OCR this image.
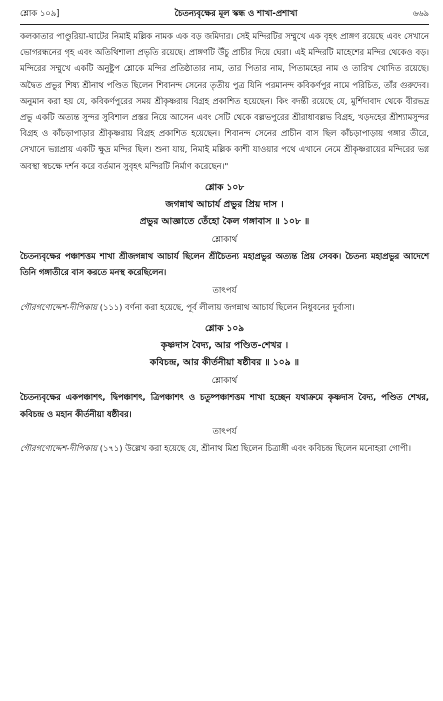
শ্লোক ১০৯]	চৈতন্যবৃক্ষের মূল স্কন্ধ ও শাখা-প্রশাখা	৬৬৯

কলকাতার পাণ্ডুরিয়া-ঘাটের নিমাই মল্লিক নামক এক বড় জমিদার। সেই মন্দিরটির সম্মুখে এক বৃহৎ প্রাঙ্গণ রয়েছে এবং সেখানে ভোগরন্ধনের গৃহ এবং অতিথিশালা প্রভৃতি রয়েছে। প্রাঙ্গণটি উঁচু প্রাচীর দিয়ে ঘেরা। এই মন্দিরটি মাহেশের মন্দির থেকেও বড়। মন্দিরের সম্মুখে একটি অনুষ্টুপ শ্লোকে মন্দির প্রতিষ্ঠাতার নাম, তার পিতার নাম, পিতামহের নাম ও তারিখ খোদিত রয়েছে। অদ্বৈত প্রভুর শিষ্য শ্রীনাথ পণ্ডিত ছিলেন শিবানন্দ সেনের তৃতীয় পুত্র যিনি পরমানন্দ কবিকর্ণপুর নামে পরিচিত, তাঁর গুরুদেব। অনুমান করা হয় যে, কবিকর্ণপুরের সময় শ্রীকৃষ্ণরায় বিগ্রহ প্রকাশিত হয়েছেন। কিং বদন্তী রয়েছে যে, মুর্শিদাবাদ থেকে বীরভদ্র প্রভু একটি অত্যন্ত সুন্দর সুবিশাল প্রস্তর নিয়ে আসেন এবং সেটি থেকে বল্লভপুরের শ্রীরাধাবল্লভ বিগ্রহ, খড়দহের শ্রীশ্যামসুন্দর বিগ্রহ ও কাঁচড়াপাড়ার শ্রীকৃষ্ণরায় বিগ্রহ প্রকাশিত হয়েছেন। শিবানন্দ সেনের প্রাচীন বাস ছিল কাঁচড়াপাড়ায় গঙ্গার তীরে, সেখানে ভগ্নপ্রায় একটি ক্ষুদ্র মন্দির ছিল। শুনা যায়, নিমাই মল্লিক কাশী যাওয়ার পথে এখানে নেমে শ্রীকৃষ্ণরায়ের মন্দিরের ভগ্ন অবস্থা স্বচক্ষে দর্শন করে বর্তমান সুবৃহৎ মন্দিরটি নির্মাণ করেছেন।"

শ্লোক ১০৮
জগন্নাথ আচার্য প্রভুর প্রিয় দাস ।
প্রভুর আজ্ঞাতে তেঁহো কৈল গঙ্গাবাস ॥ ১০৮ ॥
শ্লোকার্থ

চৈতন্যবৃক্ষের পঞ্চাশত্তম শাখা শ্রীজগন্নাথ আচার্য ছিলেন শ্রীচৈতন্য মহাপ্রভুর অত্যন্ত প্রিয় সেবক। চৈতন্য মহাপ্রভুর আদেশে তিনি গঙ্গাতীরে বাস করতে মনস্থ করেছিলেন।

তাৎপর্য

গৌরগণোদ্দেশ-দীপিকায় (১১১) বর্ণনা করা হয়েছে, পূর্ব লীলায় জগন্নাথ আচার্য ছিলেন নিধুবনের দুর্বাসা।

শ্লোক ১০৯
কৃষ্ণদাস বৈদ্য, আর পণ্ডিত-শেখর ।
কবিচন্দ্র, আর কীর্তনীয়া ষষ্ঠীবর ॥ ১০৯ ॥
শ্লোকার্থ

চৈতন্যবৃক্ষের একপঞ্চাশৎ, দ্বিপঞ্চাশৎ, ত্রিপঞ্চাশৎ ও চতুষ্পঞ্চাশত্তম শাখা হচ্ছেন যথাক্রমে কৃষ্ণদাস বৈদ্য, পণ্ডিত শেখর, কবিচন্দ্র ও মহান কীর্তনীয়া ষষ্ঠীবর।

তাৎপর্য

গৌরগণোদ্দেশ-দীপিকায় (১৭১) উল্লেখ করা হয়েছে যে, শ্রীনাথ মিশ্র ছিলেন চিত্রাঙ্গী এবং কবিচন্দ্র ছিলেন মনোহরা গোপী।
